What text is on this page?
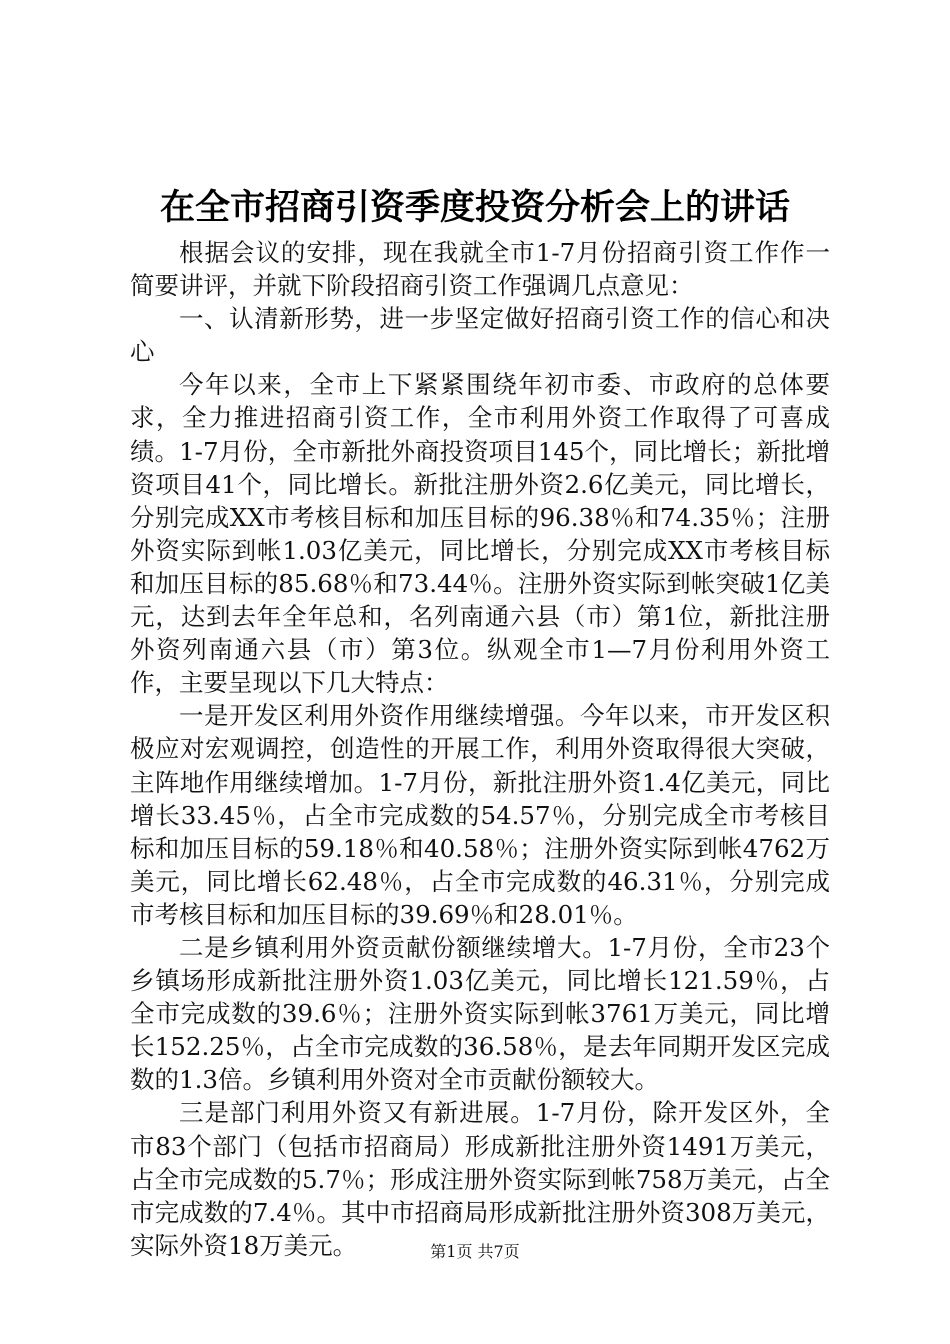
在全市招商引资季度投资分析会上的讲话

根据会议的安排，现在我就全市1-7月份招商引资工作作一简要讲评，并就下阶段招商引资工作强调几点意见：

一、认清新形势，进一步坚定做好招商引资工作的信心和决心

今年以来，全市上下紧紧围绕年初市委、市政府的总体要求，全力推进招商引资工作，全市利用外资工作取得了可喜成绩。1-7月份，全市新批外商投资项目145个，同比增长；新批增资项目41个，同比增长。新批注册外资2.6亿美元，同比增长，分别完成XX市考核目标和加压目标的96.38％和74.35％；注册外资实际到帐1.03亿美元，同比增长，分别完成XX市考核目标和加压目标的85.68％和73.44％。注册外资实际到帐突破1亿美元，达到去年全年总和，名列南通六县（市）第1位，新批注册外资列南通六县（市）第3位。纵观全市1—7月份利用外资工作，主要呈现以下几大特点：

一是开发区利用外资作用继续增强。今年以来，市开发区积极应对宏观调控，创造性的开展工作，利用外资取得很大突破，主阵地作用继续增加。1-7月份，新批注册外资1.4亿美元，同比增长33.45％，占全市完成数的54.57％，分别完成全市考核目标和加压目标的59.18％和40.58％；注册外资实际到帐4762万美元，同比增长62.48％，占全市完成数的46.31％，分别完成市考核目标和加压目标的39.69％和28.01％。

二是乡镇利用外资贡献份额继续增大。1-7月份，全市23个乡镇场形成新批注册外资1.03亿美元，同比增长121.59％，占全市完成数的39.6％；注册外资实际到帐3761万美元，同比增长152.25％，占全市完成数的36.58％，是去年同期开发区完成数的1.3倍。乡镇利用外资对全市贡献份额较大。

三是部门利用外资又有新进展。1-7月份，除开发区外，全市83个部门（包括市招商局）形成新批注册外资1491万美元，占全市完成数的5.7％；形成注册外资实际到帐758万美元，占全市完成数的7.4％。其中市招商局形成新批注册外资308万美元，实际外资18万美元。	第1页 共7页
